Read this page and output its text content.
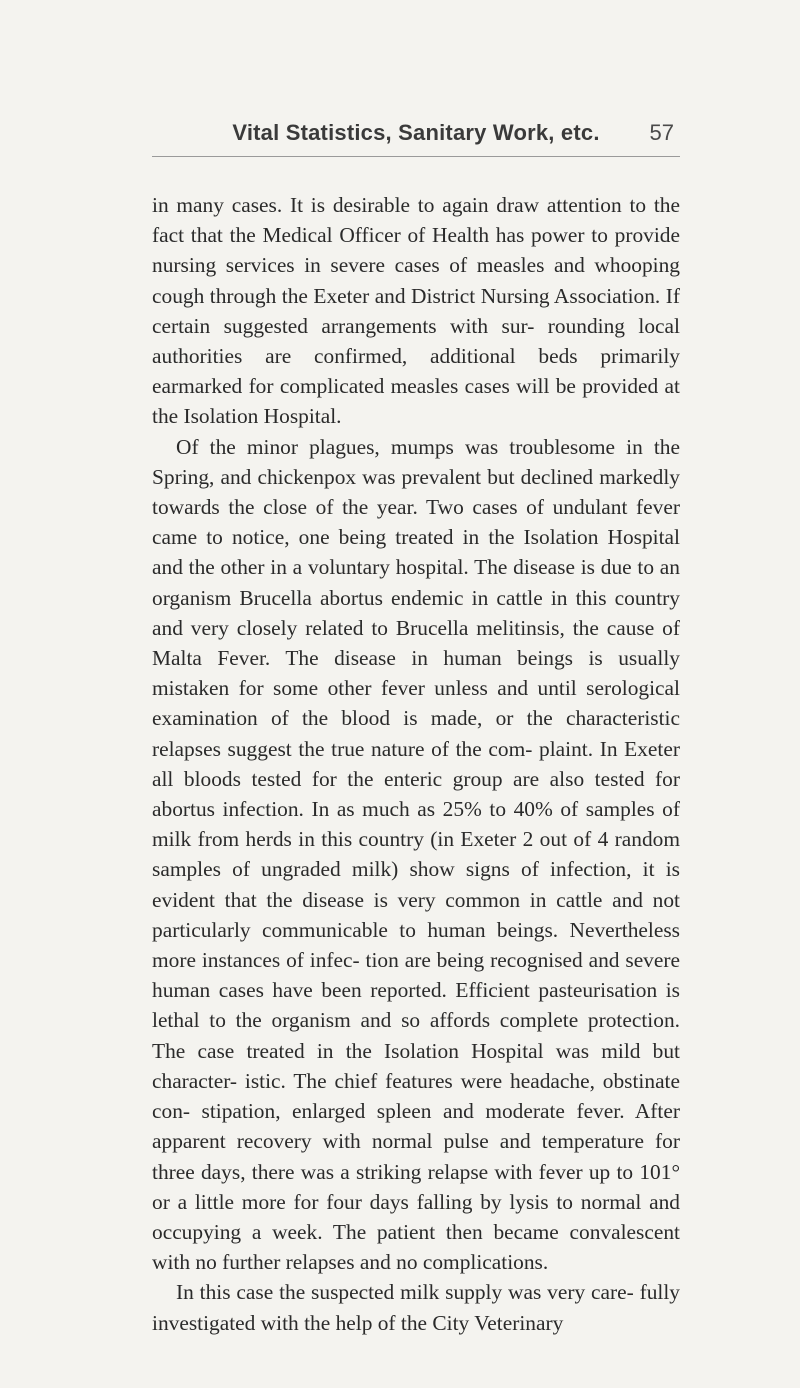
Vital Statistics, Sanitary Work, etc.	57

in many cases. It is desirable to again draw attention to the fact that the Medical Officer of Health has power to provide nursing services in severe cases of measles and whooping cough through the Exeter and District Nursing Association. If certain suggested arrangements with sur- rounding local authorities are confirmed, additional beds primarily earmarked for complicated measles cases will be provided at the Isolation Hospital.

Of the minor plagues, mumps was troublesome in the Spring, and chickenpox was prevalent but declined markedly towards the close of the year. Two cases of undulant fever came to notice, one being treated in the Isolation Hospital and the other in a voluntary hospital. The disease is due to an organism Brucella abortus endemic in cattle in this country and very closely related to Brucella melitinsis, the cause of Malta Fever. The disease in human beings is usually mistaken for some other fever unless and until serological examination of the blood is made, or the characteristic relapses suggest the true nature of the com- plaint. In Exeter all bloods tested for the enteric group are also tested for abortus infection. In as much as 25% to 40% of samples of milk from herds in this country (in Exeter 2 out of 4 random samples of ungraded milk) show signs of infection, it is evident that the disease is very common in cattle and not particularly communicable to human beings. Nevertheless more instances of infec- tion are being recognised and severe human cases have been reported. Efficient pasteurisation is lethal to the organism and so affords complete protection. The case treated in the Isolation Hospital was mild but character- istic. The chief features were headache, obstinate con- stipation, enlarged spleen and moderate fever. After apparent recovery with normal pulse and temperature for three days, there was a striking relapse with fever up to 101° or a little more for four days falling by lysis to normal and occupying a week. The patient then became convalescent with no further relapses and no complications.

In this case the suspected milk supply was very care- fully investigated with the help of the City Veterinary
